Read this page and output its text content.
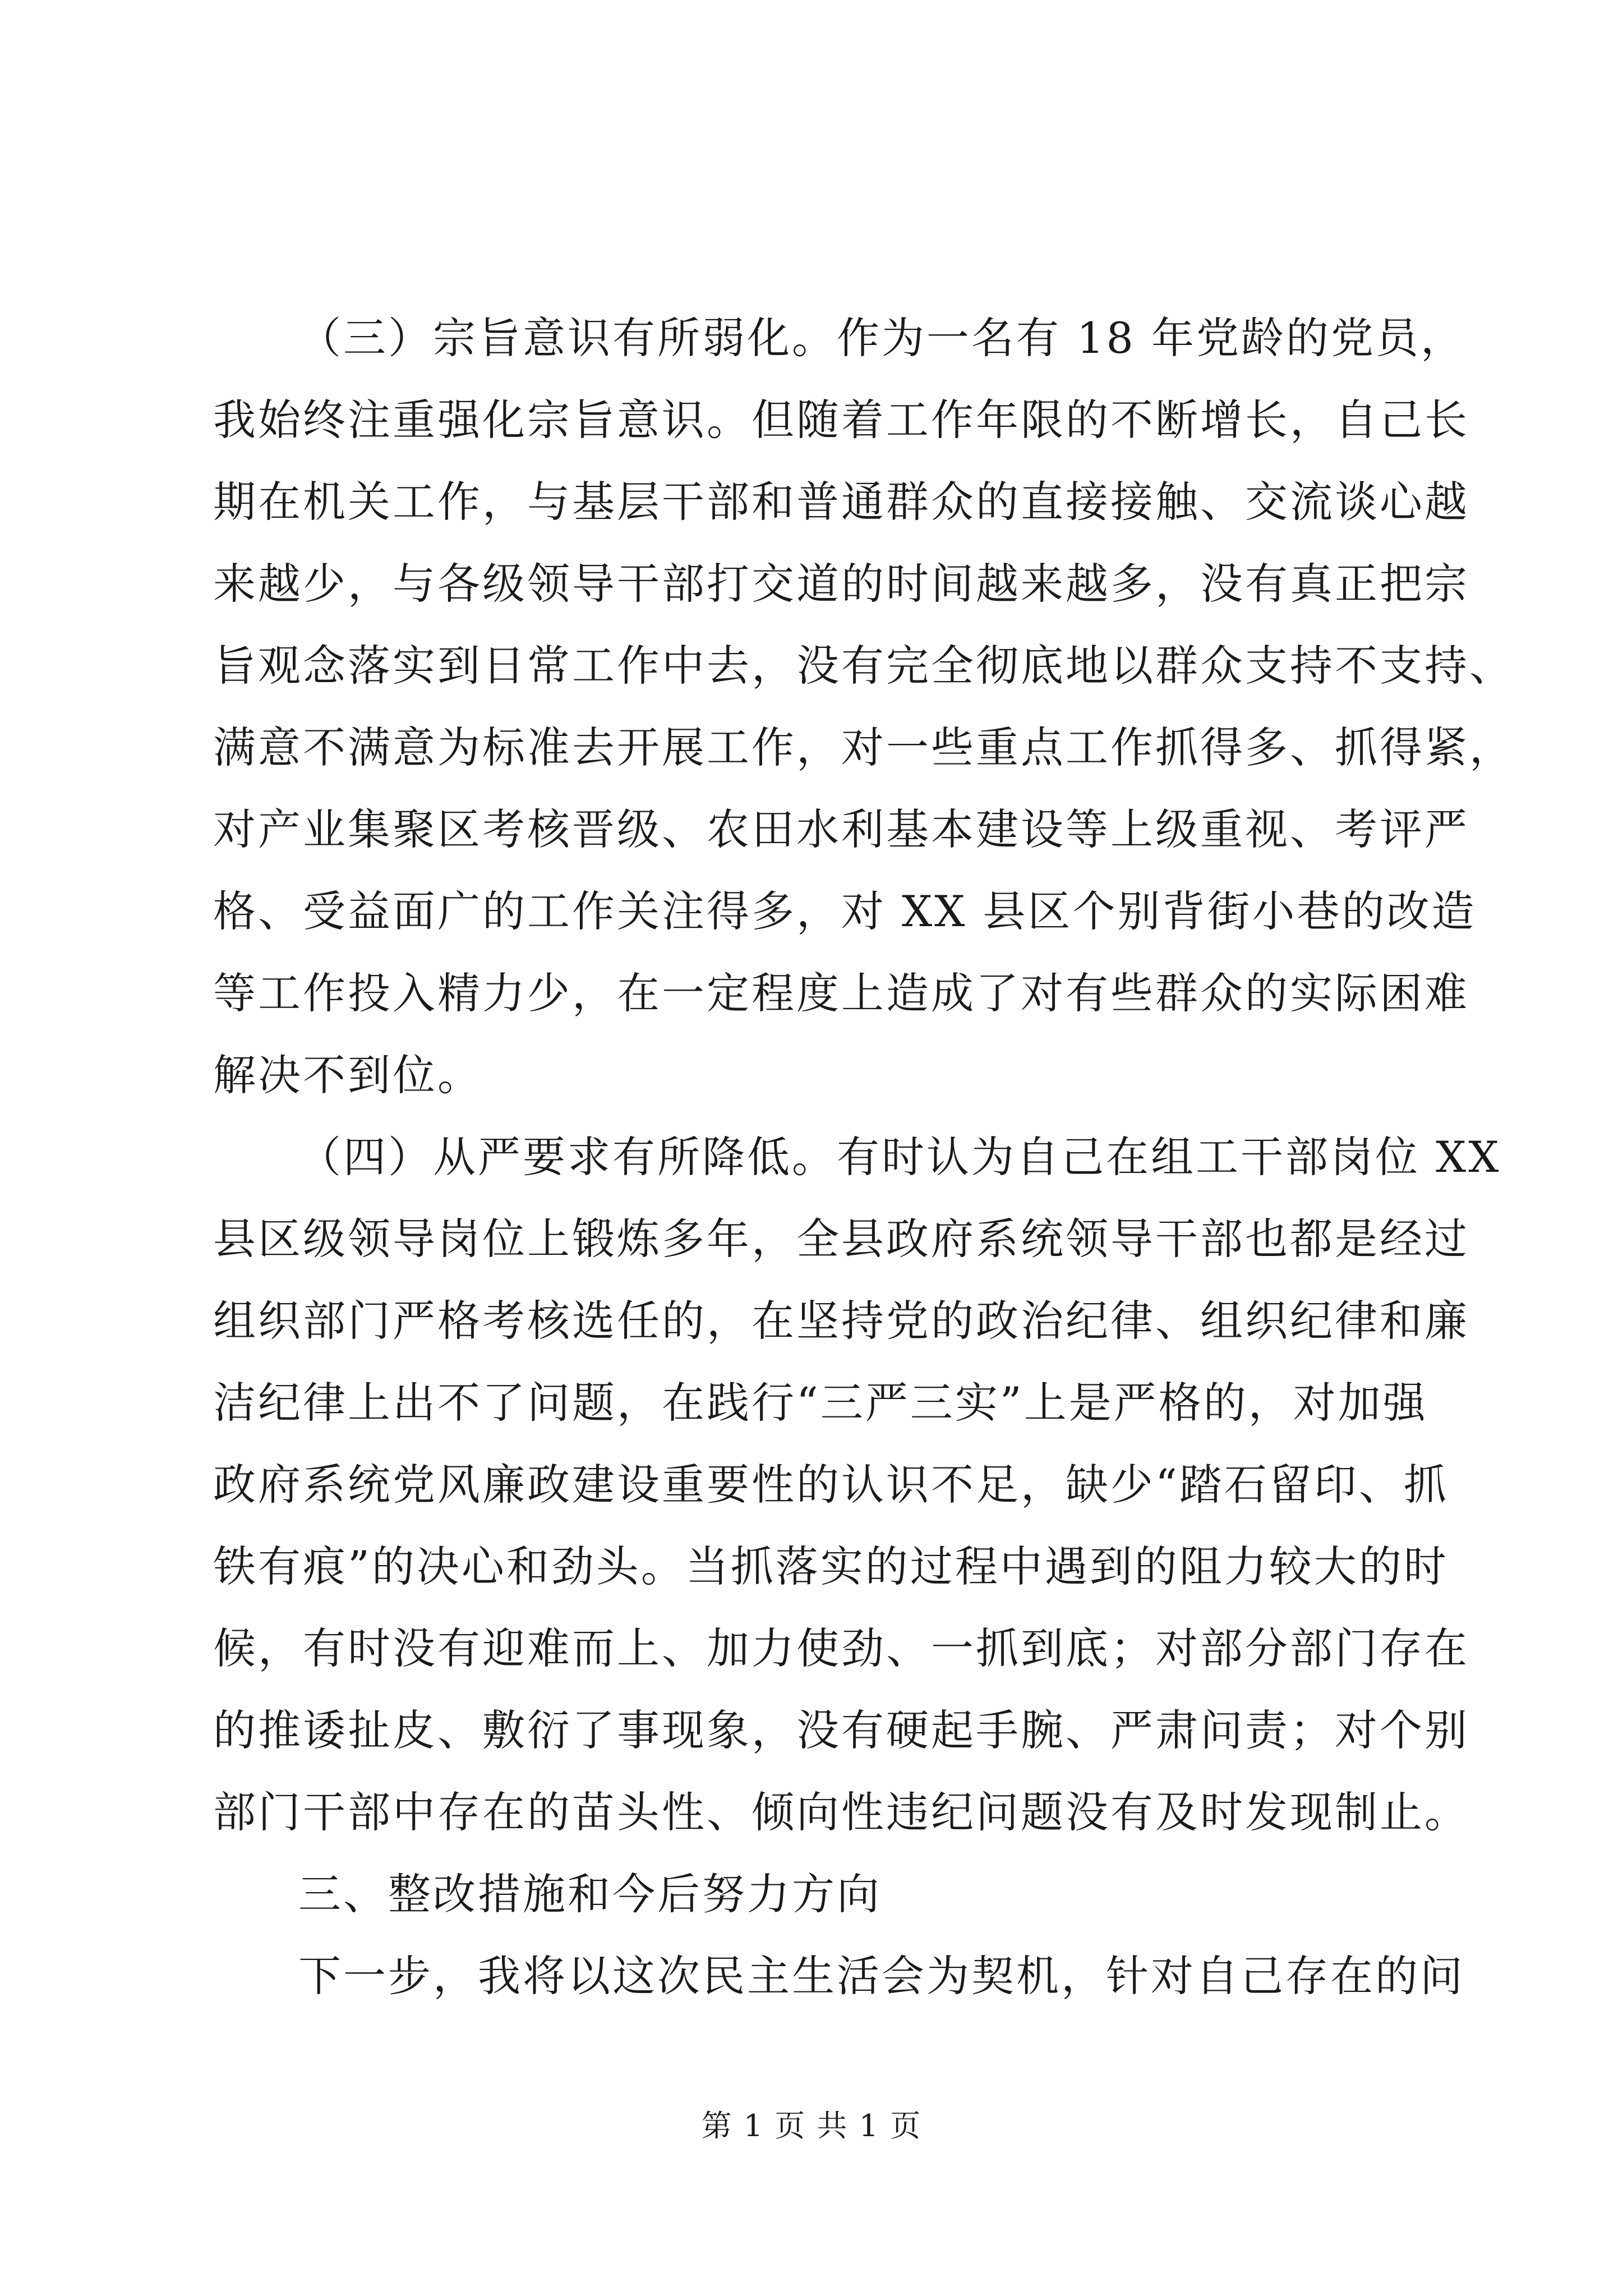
（三）宗旨意识有所弱化。作为一名有 18 年党龄的党员，
我始终注重强化宗旨意识。但随着工作年限的不断增长，自己长
期在机关工作，与基层干部和普通群众的直接接触、交流谈心越
来越少，与各级领导干部打交道的时间越来越多，没有真正把宗
旨观念落实到日常工作中去，没有完全彻底地以群众支持不支持、
满意不满意为标准去开展工作，对一些重点工作抓得多、抓得紧，
对产业集聚区考核晋级、农田水利基本建设等上级重视、考评严
格、受益面广的工作关注得多，对 XX 县区个别背街小巷的改造
等工作投入精力少，在一定程度上造成了对有些群众的实际困难
解决不到位。
（四）从严要求有所降低。有时认为自己在组工干部岗位 XX
县区级领导岗位上锻炼多年，全县政府系统领导干部也都是经过
组织部门严格考核选任的，在坚持党的政治纪律、组织纪律和廉
洁纪律上出不了问题，在践行“三严三实”上是严格的，对加强
政府系统党风廉政建设重要性的认识不足，缺少“踏石留印、抓
铁有痕”的决心和劲头。当抓落实的过程中遇到的阻力较大的时
候，有时没有迎难而上、加力使劲、一抓到底；对部分部门存在
的推诿扯皮、敷衍了事现象，没有硬起手腕、严肃问责；对个别
部门干部中存在的苗头性、倾向性违纪问题没有及时发现制止。
三、整改措施和今后努力方向
下一步，我将以这次民主生活会为契机，针对自己存在的问
第 1 页 共 1 页
